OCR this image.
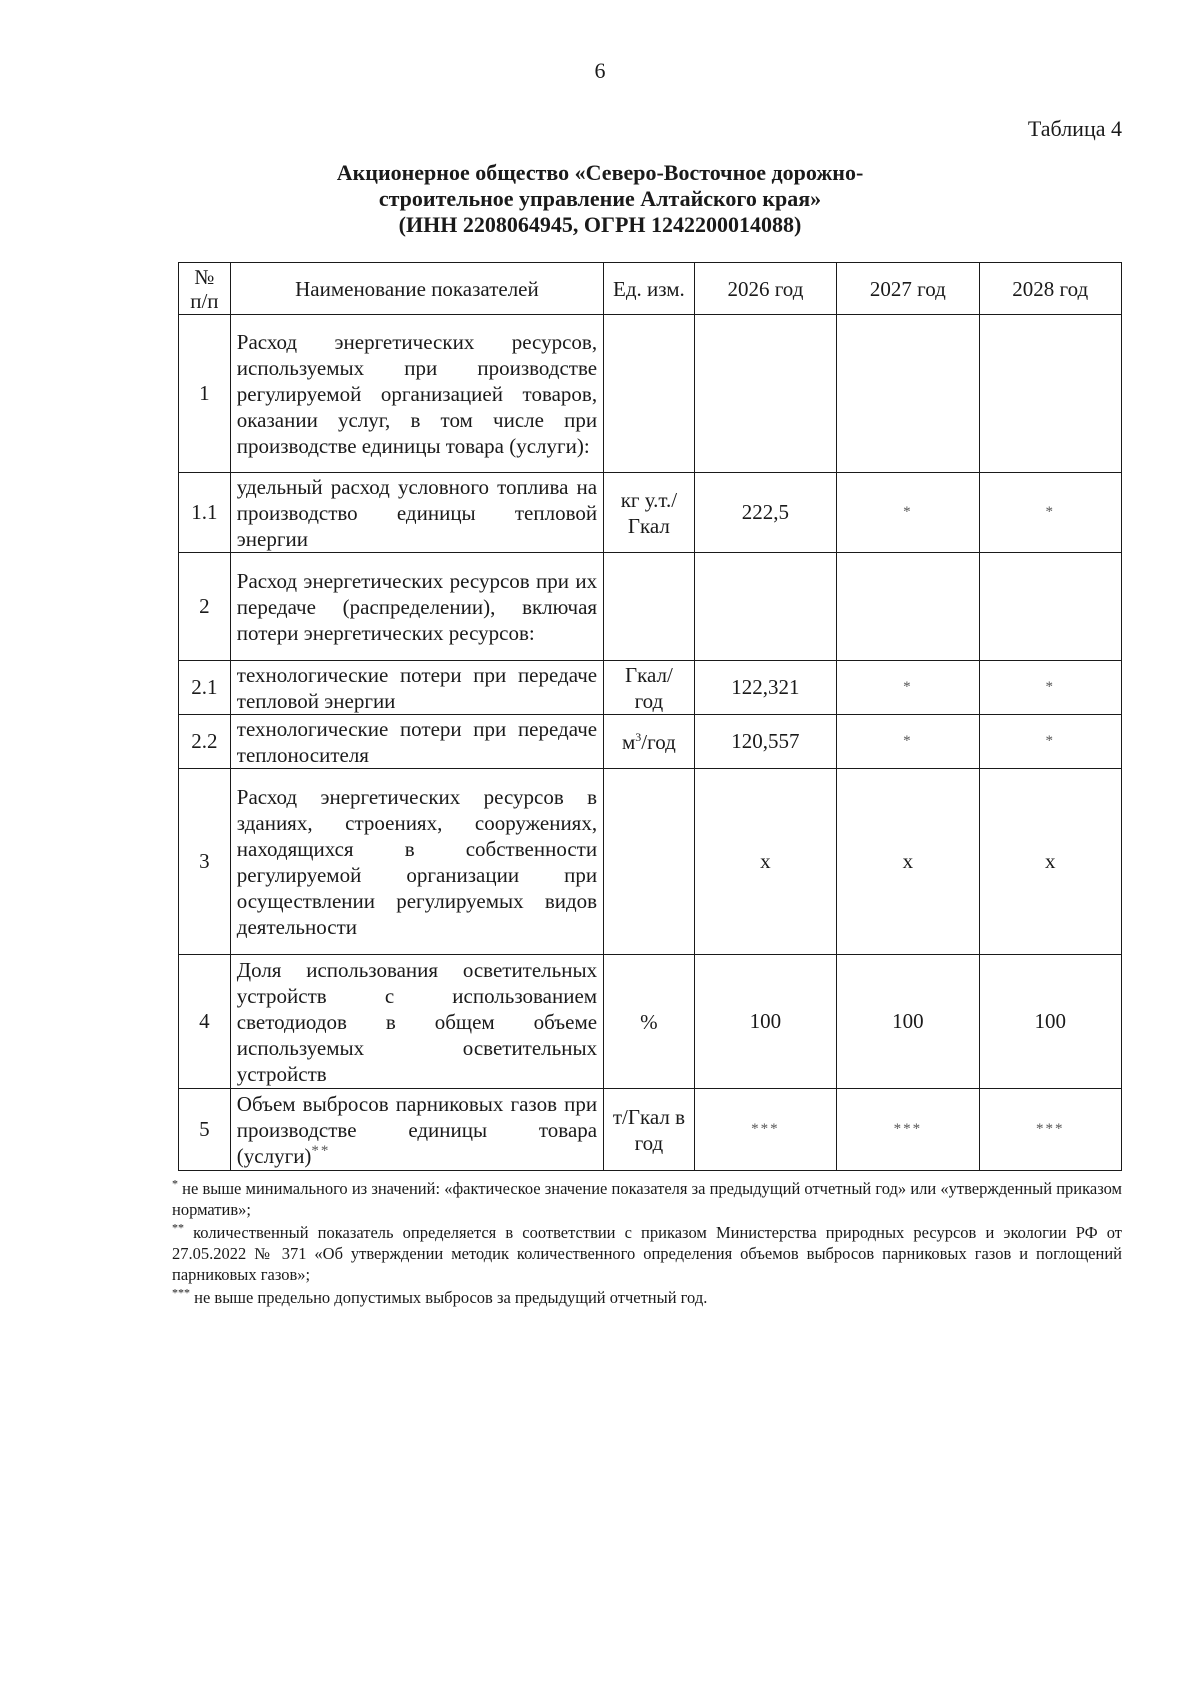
6
Таблица 4
Акционерное общество «Северо-Восточное дорожно-
строительное управление Алтайского края»
(ИНН 2208064945, ОГРН 1242200014088)
№ п/п	Наименование показателей	Ед. изм.	2026 год	2027 год	2028 год
1	Расход энергетических ресурсов, используемых при производстве регулируемой организацией товаров, оказании услуг, в том числе при производстве единицы товара (услуги):				
1.1	удельный расход условного топлива на производство единицы тепловой энергии	кг у.т./ Гкал	222,5	*	*
2	Расход энергетических ресурсов при их передаче (распределении), включая потери энергетических ресурсов:				
2.1	технологические потери при передаче тепловой энергии	Гкал/ год	122,321	*	*
2.2	технологические потери при передаче теплоносителя	$м^3$/год	120,557	*	*
3	Расход энергетических ресурсов в зданиях, строениях, сооружениях, находящихся в собственности регулируемой организации при осуществлении регулируемых видов деятельности		х	х	х
4	Доля использования осветительных устройств с использованием светодиодов в общем объеме используемых осветительных устройств	%	100	100	100
5	Объем выбросов парниковых газов при производстве единицы товара (услуги)**	т/Гкал в год	***	***	***

* не выше минимального из значений: «фактическое значение показателя за предыдущий отчетный год» или «утвержденный приказом норматив»;

** количественный показатель определяется в соответствии с приказом Министерства природных ресурсов и экологии РФ от 27.05.2022 № 371 «Об утверждении методик количественного определения объемов выбросов парниковых газов и поглощений парниковых газов»;

*** не выше предельно допустимых выбросов за предыдущий отчетный год.
